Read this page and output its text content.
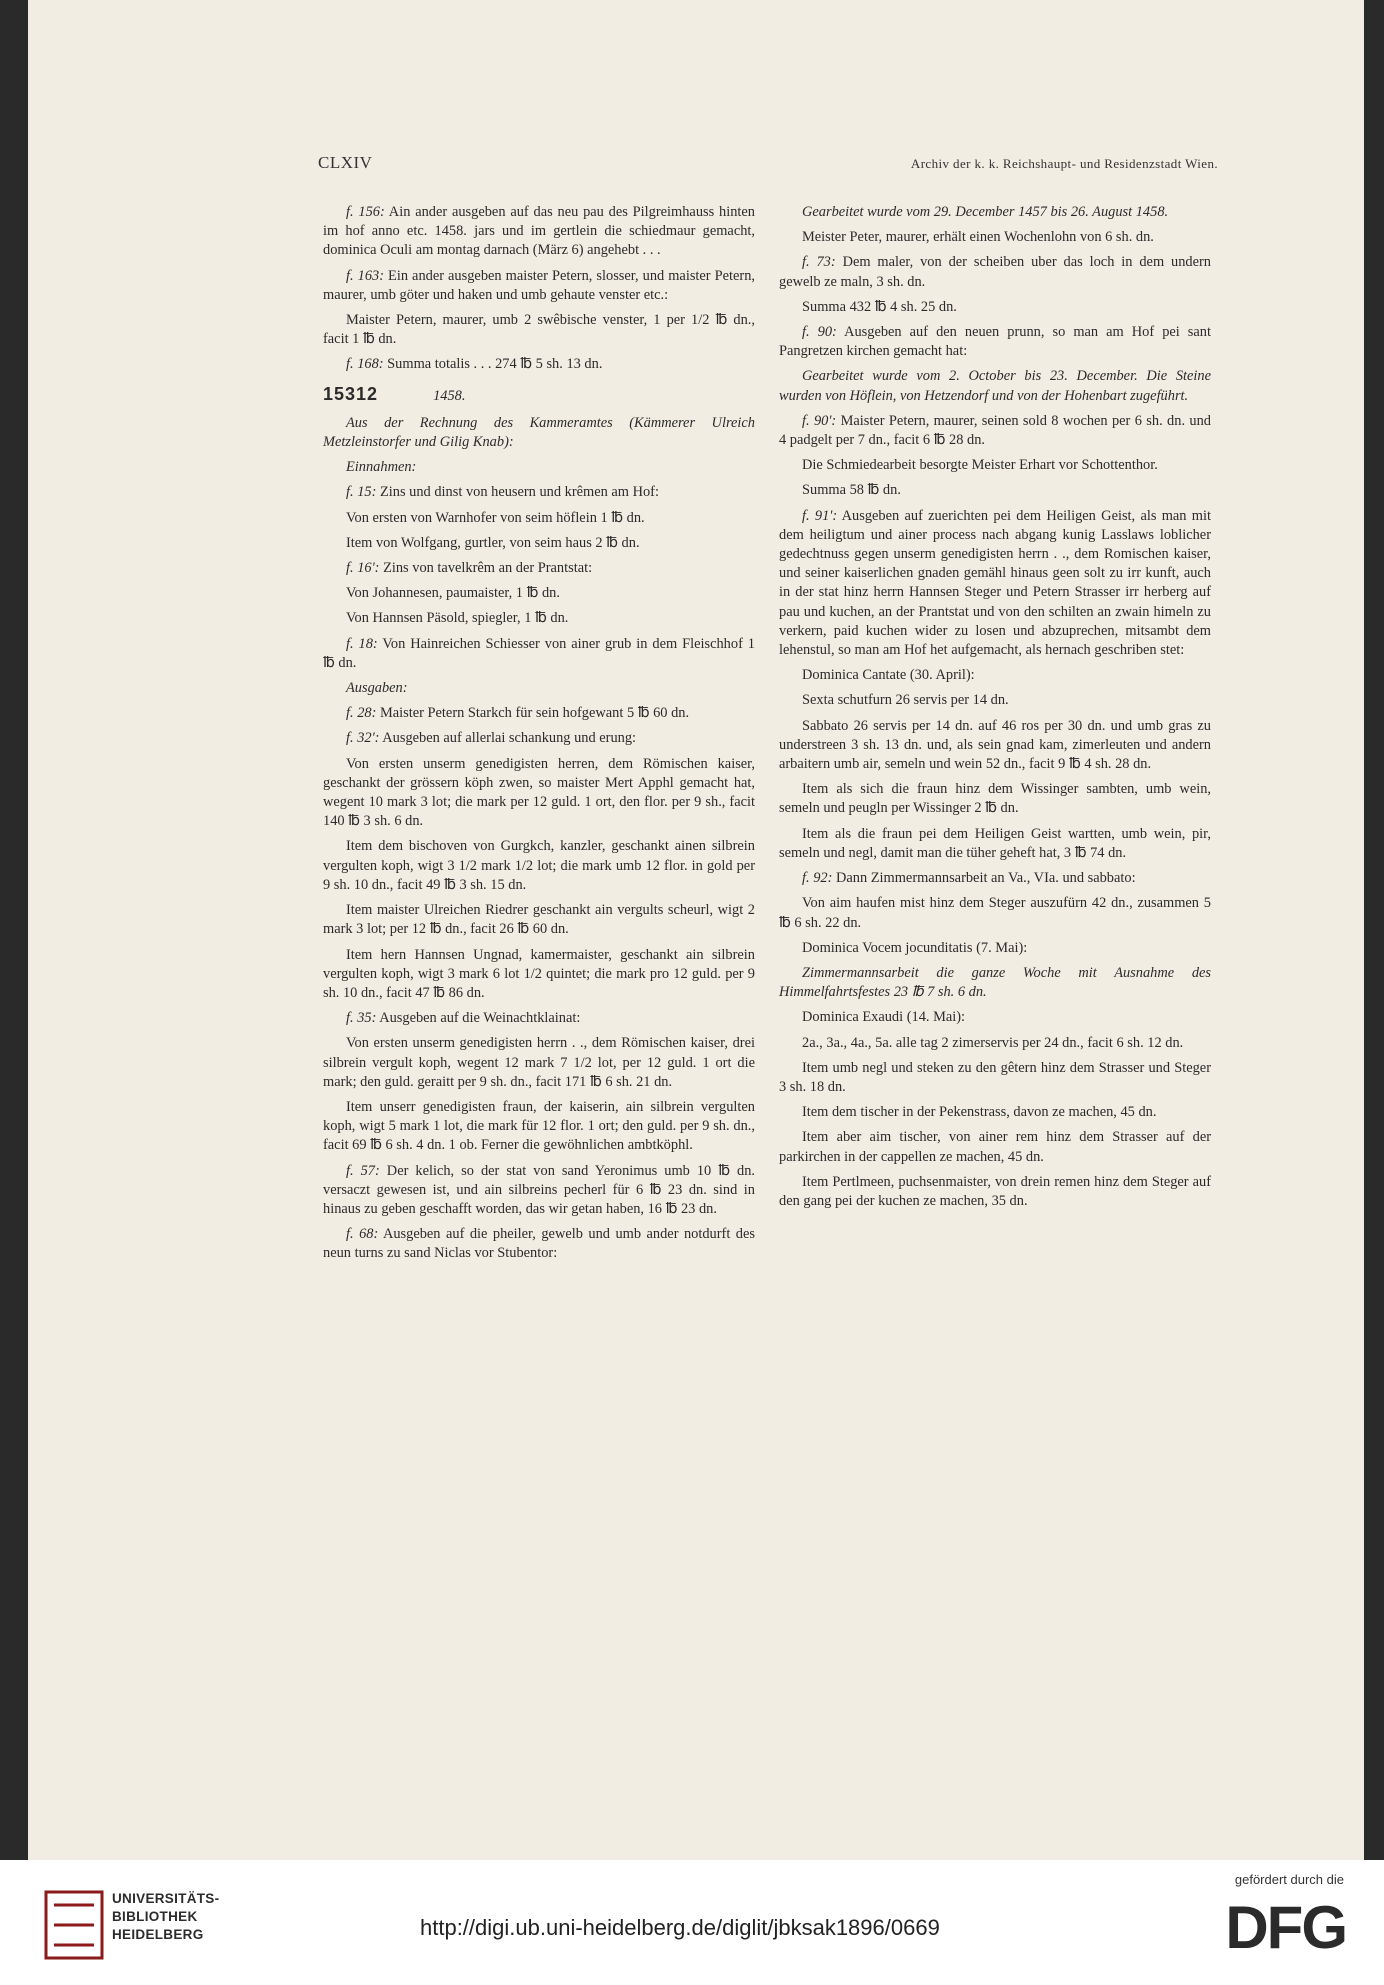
CLXIV	Archiv der k. k. Reichshaupt- und Residenzstadt Wien.

f. 156: Ain ander ausgeben auf das neu pau des Pilgreimhauss hinten im hof anno etc. 1458. jars und im gertlein die schiedmaur gemacht, dominica Oculi am montag darnach (März 6) angehebt . . .

f. 163: Ein ander ausgeben maister Petern, slosser, und maister Petern, maurer, umb göter und haken und umb gehaute venster etc.:

Maister Petern, maurer, umb 2 swêbische venster, 1 per 1/2 ℔ dn., facit 1 ℔ dn.

f. 168: Summa totalis . . . 274 ℔ 5 sh. 13 dn.

15312	1458.

Aus der Rechnung des Kammeramtes (Kämmerer Ulreich Metzleinstorfer und Gilig Knab):

Einnahmen:

f. 15: Zins und dinst von heusern und krêmen am Hof:

Von ersten von Warnhofer von seim höflein 1 ℔ dn.

Item von Wolfgang, gurtler, von seim haus 2 ℔ dn.

f. 16': Zins von tavelkrêm an der Prantstat:

Von Johannesen, paumaister, 1 ℔ dn.

Von Hannsen Päsold, spiegler, 1 ℔ dn.

f. 18: Von Hainreichen Schiesser von ainer grub in dem Fleischhof 1 ℔ dn.

Ausgaben:

f. 28: Maister Petern Starkch für sein hofgewant 5 ℔ 60 dn.

f. 32': Ausgeben auf allerlai schankung und erung:

Von ersten unserm genedigisten herren, dem Römischen kaiser, geschankt der grössern köph zwen, so maister Mert Apphl gemacht hat, wegent 10 mark 3 lot; die mark per 12 guld. 1 ort, den flor. per 9 sh., facit 140 ℔ 3 sh. 6 dn.

Item dem bischoven von Gurgkch, kanzler, geschankt ainen silbrein vergulten koph, wigt 3 1/2 mark 1/2 lot; die mark umb 12 flor. in gold per 9 sh. 10 dn., facit 49 ℔ 3 sh. 15 dn.

Item maister Ulreichen Riedrer geschankt ain vergults scheurl, wigt 2 mark 3 lot; per 12 ℔ dn., facit 26 ℔ 60 dn.

Item hern Hannsen Ungnad, kamermaister, geschankt ain silbrein vergulten koph, wigt 3 mark 6 lot 1/2 quintet; die mark pro 12 guld. per 9 sh. 10 dn., facit 47 ℔ 86 dn.

f. 35: Ausgeben auf die Weinachtklainat:

Von ersten unserm genedigisten herrn . ., dem Römischen kaiser, drei silbrein vergult koph, wegent 12 mark 7 1/2 lot, per 12 guld. 1 ort die mark; den guld. geraitt per 9 sh. dn., facit 171 ℔ 6 sh. 21 dn.

Item unserr genedigisten fraun, der kaiserin, ain silbrein vergulten koph, wigt 5 mark 1 lot, die mark für 12 flor. 1 ort; den guld. per 9 sh. dn., facit 69 ℔ 6 sh. 4 dn. 1 ob. Ferner die gewöhnlichen ambtköphl.

f. 57: Der kelich, so der stat von sand Yeronimus umb 10 ℔ dn. versaczt gewesen ist, und ain silbreins pecherl für 6 ℔ 23 dn. sind in hinaus zu geben geschafft worden, das wir getan haben, 16 ℔ 23 dn.

f. 68: Ausgeben auf die pheiler, gewelb und umb ander notdurft des neun turns zu sand Niclas vor Stubentor:

Gearbeitet wurde vom 29. December 1457 bis 26. August 1458.

Meister Peter, maurer, erhält einen Wochenlohn von 6 sh. dn.

f. 73: Dem maler, von der scheiben uber das loch in dem undern gewelb ze maln, 3 sh. dn.

Summa 432 ℔ 4 sh. 25 dn.

f. 90: Ausgeben auf den neuen prunn, so man am Hof pei sant Pangretzen kirchen gemacht hat:

Gearbeitet wurde vom 2. October bis 23. December. Die Steine wurden von Höflein, von Hetzendorf und von der Hohenbart zugeführt.

f. 90': Maister Petern, maurer, seinen sold 8 wochen per 6 sh. dn. und 4 padgelt per 7 dn., facit 6 ℔ 28 dn.

Die Schmiedearbeit besorgte Meister Erhart vor Schottenthor.

Summa 58 ℔ dn.

f. 91': Ausgeben auf zuerichten pei dem Heiligen Geist, als man mit dem heiligtum und ainer process nach abgang kunig Lasslaws loblicher gedechtnuss gegen unserm genedigisten herrn . ., dem Romischen kaiser, und seiner kaiserlichen gnaden gemähl hinaus geen solt zu irr kunft, auch in der stat hinz herrn Hannsen Steger und Petern Strasser irr herberg auf pau und kuchen, an der Prantstat und von den schilten an zwain himeln zu verkern, paid kuchen wider zu losen und abzuprechen, mitsambt dem lehenstul, so man am Hof het aufgemacht, als hernach geschriben stet:

Dominica Cantate (30. April):

Sexta schutfurn 26 servis per 14 dn.

Sabbato 26 servis per 14 dn. auf 46 ros per 30 dn. und umb gras zu understreen 3 sh. 13 dn. und, als sein gnad kam, zimerleuten und andern arbaitern umb air, semeln und wein 52 dn., facit 9 ℔ 4 sh. 28 dn.

Item als sich die fraun hinz dem Wissinger sambten, umb wein, semeln und peugln per Wissinger 2 ℔ dn.

Item als die fraun pei dem Heiligen Geist wartten, umb wein, pir, semeln und negl, damit man die tüher geheft hat, 3 ℔ 74 dn.

f. 92: Dann Zimmermannsarbeit an Va., VIa. und sabbato:

Von aim haufen mist hinz dem Steger auszufürn 42 dn., zusammen 5 ℔ 6 sh. 22 dn.

Dominica Vocem jocunditatis (7. Mai):

Zimmermannsarbeit die ganze Woche mit Ausnahme des Himmelfahrtsfestes 23 ℔ 7 sh. 6 dn.

Dominica Exaudi (14. Mai):

2a., 3a., 4a., 5a. alle tag 2 zimerservis per 24 dn., facit 6 sh. 12 dn.

Item umb negl und steken zu den gêtern hinz dem Strasser und Steger 3 sh. 18 dn.

Item dem tischer in der Pekenstrass, davon ze machen, 45 dn.

Item aber aim tischer, von ainer rem hinz dem Strasser auf der parkirchen in der cappellen ze machen, 45 dn.

Item Pertlmeen, puchsenmaister, von drein remen hinz dem Steger auf den gang pei der kuchen ze machen, 35 dn.

UNIVERSITÄTS-
BIBLIOTHEK
HEIDELBERG	http://digi.ub.uni-heidelberg.de/diglit/jbksak1896/0669
gefördert durch die
DFG
